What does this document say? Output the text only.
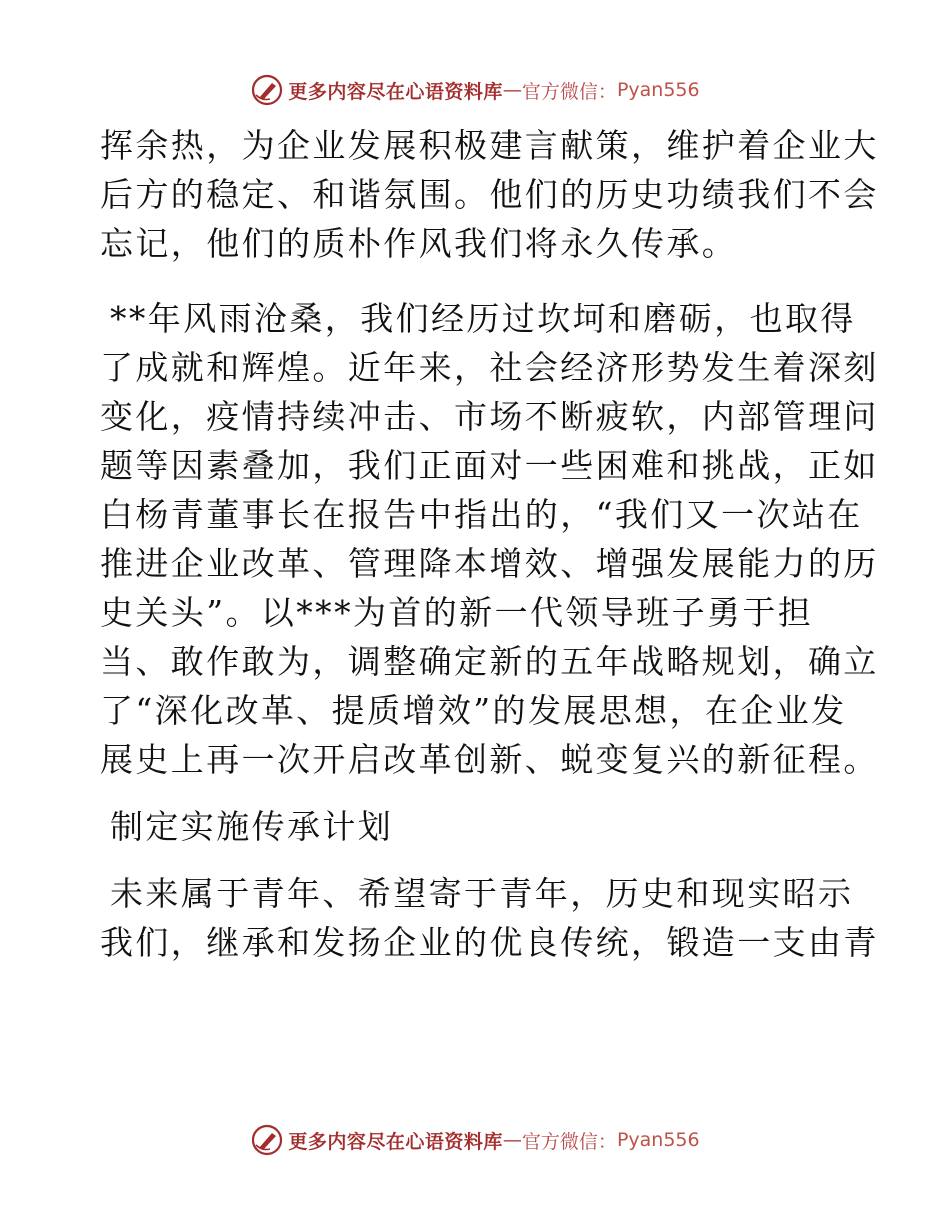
更多内容尽在心语资料库 — 官方微信： Pyan556
挥余热，为企业发展积极建言献策，维护着企业大
后方的稳定、和谐氛围。他们的历史功绩我们不会
忘记，他们的质朴作风我们将永久传承。
**年风雨沧桑，我们经历过坎坷和磨砺，也取得
了成就和辉煌。近年来，社会经济形势发生着深刻
变化，疫情持续冲击、市场不断疲软，内部管理问
题等因素叠加，我们正面对一些困难和挑战，正如
白杨青董事长在报告中指出的，“我们又一次站在
推进企业改革、管理降本增效、增强发展能力的历
史关头”。以***为首的新一代领导班子勇于担
当、敢作敢为，调整确定新的五年战略规划，确立
了“深化改革、提质增效”的发展思想，在企业发
展史上再一次开启改革创新、蜕变复兴的新征程。
制定实施传承计划
未来属于青年、希望寄于青年，历史和现实昭示
我们，继承和发扬企业的优良传统，锻造一支由青
更多内容尽在心语资料库 — 官方微信： Pyan556
